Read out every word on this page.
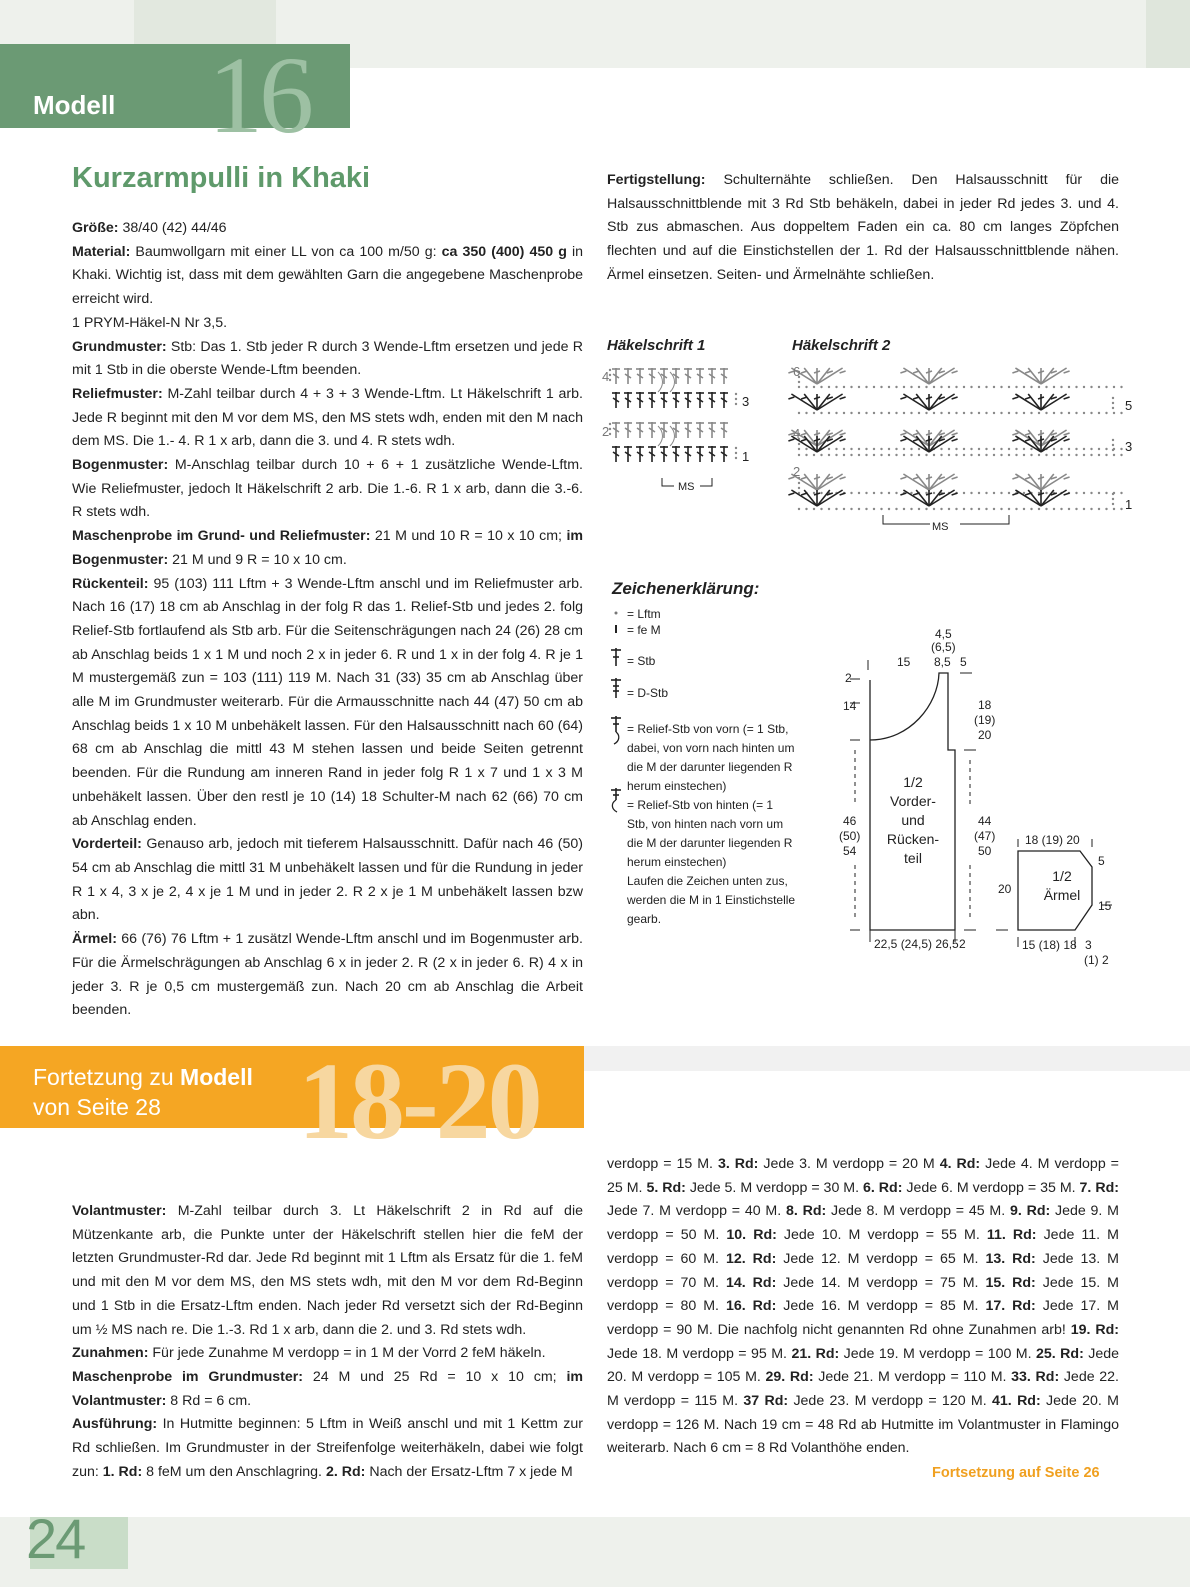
Modell 16
Kurzarmpulli in Khaki

Größe: 38/40 (42) 44/46

Material: Baumwollgarn mit einer LL von ca 100 m/50 g: ca 350 (400) 450 g in Khaki. Wichtig ist, dass mit dem gewählten Garn die angegebene Maschenprobe erreicht wird.

1 PRYM-Häkel-N Nr 3,5.

Grundmuster: Stb: Das 1. Stb jeder R durch 3 Wende-Lftm ersetzen und jede R mit 1 Stb in die oberste Wende-Lftm beenden.

Reliefmuster: M-Zahl teilbar durch 4 + 3 + 3 Wende-Lftm. Lt Häkelschrift 1 arb. Jede R beginnt mit den M vor dem MS, den MS stets wdh, enden mit den M nach dem MS. Die 1.- 4. R 1 x arb, dann die 3. und 4. R stets wdh.

Bogenmuster: M-Anschlag teilbar durch 10 + 6 + 1 zusätzliche Wende-Lftm. Wie Reliefmuster, jedoch lt Häkelschrift 2 arb. Die 1.-6. R 1 x arb, dann die 3.-6. R stets wdh.

Maschenprobe im Grund- und Reliefmuster: 21 M und 10 R = 10 x 10 cm; im Bogenmuster: 21 M und 9 R = 10 x 10 cm.

Rückenteil: 95 (103) 111 Lftm + 3 Wende-Lftm anschl und im Reliefmuster arb. Nach 16 (17) 18 cm ab Anschlag in der folg R das 1. Relief-Stb und jedes 2. folg Relief-Stb fortlaufend als Stb arb. Für die Seitenschrägungen nach 24 (26) 28 cm ab Anschlag beids 1 x 1 M und noch 2 x in jeder 6. R und 1 x in der folg 4. R je 1 M mustergemäß zun = 103 (111) 119 M. Nach 31 (33) 35 cm ab Anschlag über alle M im Grundmuster weiterarb. Für die Armausschnitte nach 44 (47) 50 cm ab Anschlag beids 1 x 10 M unbehäkelt lassen. Für den Halsausschnitt nach 60 (64) 68 cm ab Anschlag die mittl 43 M stehen lassen und beide Seiten getrennt beenden. Für die Rundung am inneren Rand in jeder folg R 1 x 7 und 1 x 3 M unbehäkelt lassen. Über den restl je 10 (14) 18 Schulter-M nach 62 (66) 70 cm ab Anschlag enden.

Vorderteil: Genauso arb, jedoch mit tieferem Halsausschnitt. Dafür nach 46 (50) 54 cm ab Anschlag die mittl 31 M unbehäkelt lassen und für die Rundung in jeder R 1 x 4, 3 x je 2, 4 x je 1 M und in jeder 2. R 2 x je 1 M unbehäkelt lassen bzw abn.

Ärmel: 66 (76) 76 Lftm + 1 zusätzl Wende-Lftm anschl und im Bogenmuster arb. Für die Ärmelschrägungen ab Anschlag 6 x in jeder 2. R (2 x in jeder 6. R) 4 x in jeder 3. R je 0,5 cm mustergemäß zun. Nach 20 cm ab Anschlag die Arbeit beenden.

Fertigstellung: Schulternähte schließen. Den Halsausschnitt für die Halsausschnittblende mit 3 Rd Stb behäkeln, dabei in jeder Rd jedes 3. und 4. Stb zus abmaschen. Aus doppeltem Faden ein ca. 80 cm langes Zöpfchen flechten und auf die Einstichstellen der 1. Rd der Halsausschnittblende nähen. Ärmel einsetzen. Seiten- und Ärmelnähte schließen.

Häkelschrift 1	Häkelschrift 2
4
3
2
1
MS
6
5
4
3
2
1
MS
Zeichenerklärung:
= Lftm
= fe M
= Stb
= D-Stb
= Relief-Stb von vorn (= 1 Stb, dabei, von vorn nach hinten um die M der darunter liegenden R herum einstechen)
= Relief-Stb von hinten (= 1 Stb, von hinten nach vorn um die M der darunter liegenden R herum einstechen)
Laufen die Zeichen unten zus, werden die M in 1 Einstichstelle gearb.
4,5
(6,5)
15 8,5 5
2
14	18
(19)
20
1/2
Vorder-
und
Rücken-
teil
46
(50)
54
44
(47)
50
22,5 (24,5) 26,5 2
18 (19) 20
5
1/2
Ärmel
20
15
15 (18) 18 3
(1) 2
18-20
Fortetzung zu Modell
von Seite 28

Volantmuster: M-Zahl teilbar durch 3. Lt Häkelschrift 2 in Rd auf die Mützenkante arb, die Punkte unter der Häkelschrift stellen hier die feM der letzten Grundmuster-Rd dar. Jede Rd beginnt mit 1 Lftm als Ersatz für die 1. feM und mit den M vor dem MS, den MS stets wdh, mit den M vor dem Rd-Beginn und 1 Stb in die Ersatz-Lftm enden. Nach jeder Rd versetzt sich der Rd-Beginn um ½ MS nach re. Die 1.-3. Rd 1 x arb, dann die 2. und 3. Rd stets wdh.

Zunahmen: Für jede Zunahme M verdopp = in 1 M der Vorrd 2 feM häkeln.

Maschenprobe im Grundmuster: 24 M und 25 Rd = 10 x 10 cm; im Volantmuster: 8 Rd = 6 cm.

Ausführung: In Hutmitte beginnen: 5 Lftm in Weiß anschl und mit 1 Kettm zur Rd schließen. Im Grundmuster in der Streifenfolge weiterhäkeln, dabei wie folgt zun: 1. Rd: 8 feM um den Anschlagring. 2. Rd: Nach der Ersatz-Lftm 7 x jede M

verdopp = 15 M. 3. Rd: Jede 3. M verdopp = 20 M 4. Rd: Jede 4. M verdopp = 25 M. 5. Rd: Jede 5. M verdopp = 30 M. 6. Rd: Jede 6. M verdopp = 35 M. 7. Rd: Jede 7. M verdopp = 40 M. 8. Rd: Jede 8. M verdopp = 45 M. 9. Rd: Jede 9. M verdopp = 50 M. 10. Rd: Jede 10. M verdopp = 55 M. 11. Rd: Jede 11. M verdopp = 60 M. 12. Rd: Jede 12. M verdopp = 65 M. 13. Rd: Jede 13. M verdopp = 70 M. 14. Rd: Jede 14. M verdopp = 75 M. 15. Rd: Jede 15. M verdopp = 80 M. 16. Rd: Jede 16. M verdopp = 85 M. 17. Rd: Jede 17. M verdopp = 90 M. Die nachfolg nicht genannten Rd ohne Zunahmen arb! 19. Rd: Jede 18. M verdopp = 95 M. 21. Rd: Jede 19. M verdopp = 100 M. 25. Rd: Jede 20. M verdopp = 105 M. 29. Rd: Jede 21. M verdopp = 110 M. 33. Rd: Jede 22. M verdopp = 115 M. 37 Rd: Jede 23. M verdopp = 120 M. 41. Rd: Jede 20. M verdopp = 126 M. Nach 19 cm = 48 Rd ab Hutmitte im Volantmuster in Flamingo weiterarb. Nach 6 cm = 8 Rd Volanthöhe enden.

Fortsetzung auf Seite 26
24
